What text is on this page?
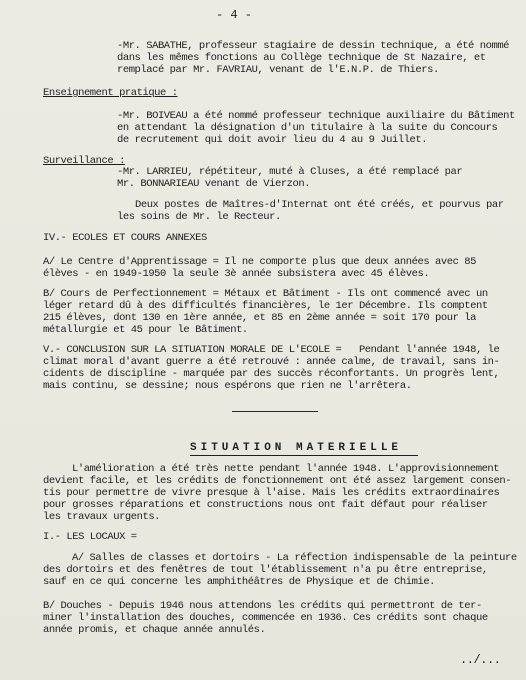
- 4 -
-Mr. SABATHE, professeur stagiaire de dessin technique, a été nommé
dans les mêmes fonctions au Collège technique de St Nazaire, et
remplacé par Mr. FAVRIAU, venant de l'E.N.P. de Thiers.
Enseignement pratique :
-Mr. BOIVEAU a été nommé professeur technique auxiliaire du Bâtiment
en attendant la désignation d'un titulaire à la suite du Concours
de recrutement qui doit avoir lieu du 4 au 9 Juillet.
Surveillance :
-Mr. LARRIEU, répétiteur, muté à Cluses, a été remplacé par
Mr. BONNARIEAU venant de Vierzon.
Deux postes de Maîtres-d'Internat ont été créés, et pourvus par
les soins de Mr. le Recteur.
IV.- ECOLES ET COURS ANNEXES
A/ Le Centre d'Apprentissage = Il ne comporte plus que deux années avec 85
élèves - en 1949-1950 la seule 3è année subsistera avec 45 élèves.
B/ Cours de Perfectionnement = Métaux et Bâtiment - Ils ont commencé avec un
léger retard dû à des difficultés financières, le 1er Décembre. Ils comptent
215 élèves, dont 130 en 1ère année, et 85 en 2ème année = soit 170 pour la
métallurgie et 45 pour le Bâtiment.
V.- CONCLUSION SUR LA SITUATION MORALE DE L'ECOLE =   Pendant l'année 1948, le
climat moral d'avant guerre a été retrouvé : année calme, de travail, sans in-
cidents de discipline - marquée par des succès réconfortants. Un progrès lent,
mais continu, se dessine; nous espérons que rien ne l'arrêtera.
SITUATION MATERIELLE
L'amélioration a été très nette pendant l'année 1948. L'approvisionnement
devient facile, et les crédits de fonctionnement ont été assez largement consen-
tis pour permettre de vivre presque à l'aise. Mais les crédits extraordinaires
pour grosses réparations et constructions nous ont fait défaut pour réaliser
les travaux urgents.
I.- LES LOCAUX =
A/ Salles de classes et dortoirs - La réfection indispensable de la peinture
des dortoirs et des fenêtres de tout l'établissement n'a pu être entreprise,
sauf en ce qui concerne les amphithéâtres de Physique et de Chimie.
B/ Douches - Depuis 1946 nous attendons les crédits qui permettront de ter-
miner l'installation des douches, commencée en 1936. Ces crédits sont chaque
année promis, et chaque année annulés.
../...
